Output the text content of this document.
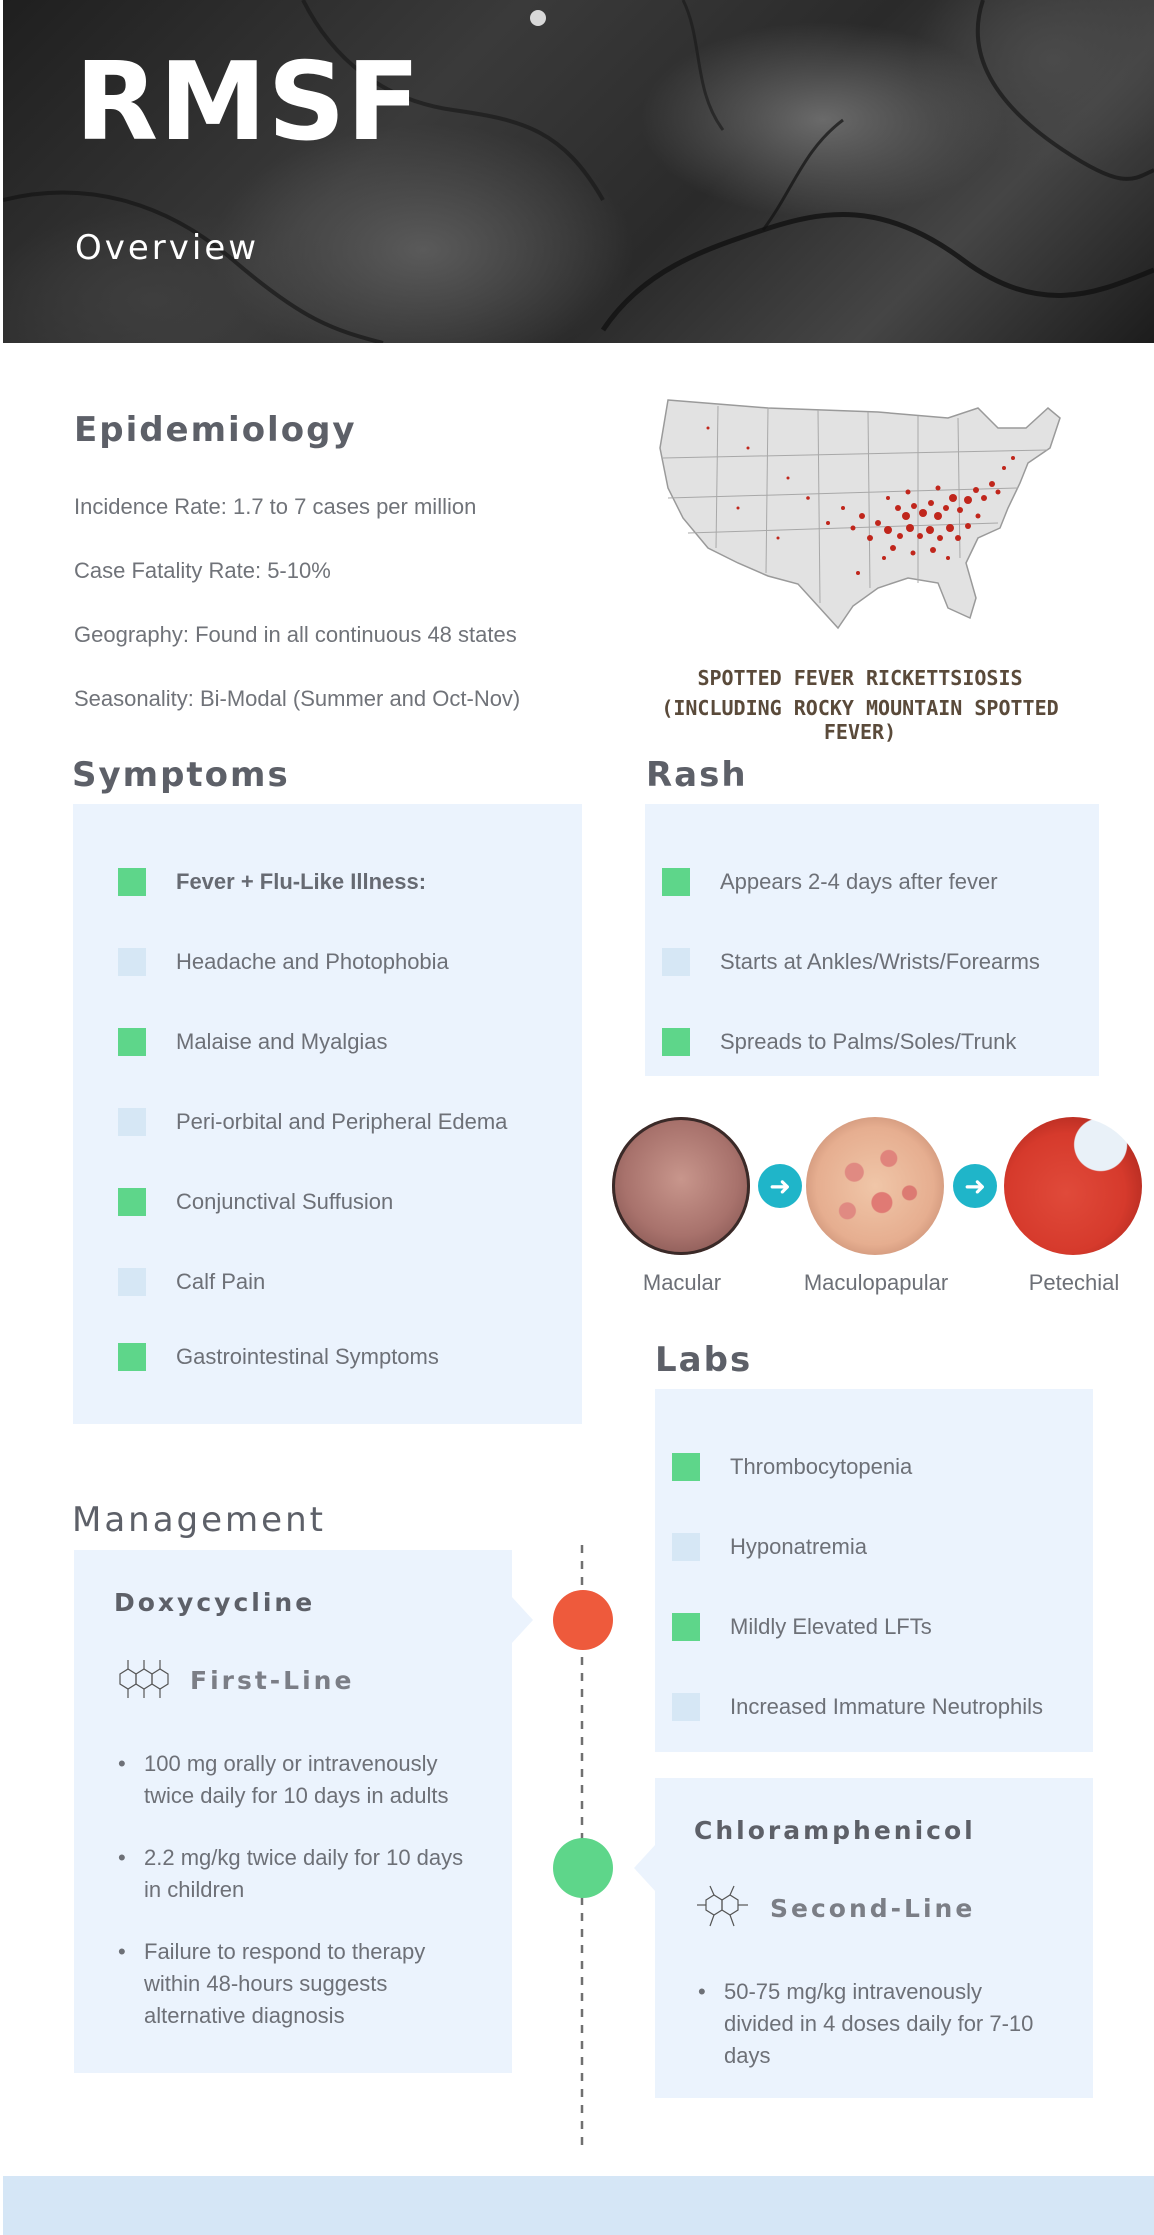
RMSF
Overview
Epidemiology
Incidence Rate: 1.7 to 7 cases per million
Case Fatality Rate: 5-10%
Geography: Found in all continuous 48 states
Seasonality: Bi-Modal (Summer and Oct-Nov)
SPOTTED FEVER RICKETTSIOSIS
(INCLUDING ROCKY MOUNTAIN SPOTTED FEVER)
Symptoms
Fever + Flu-Like Illness:
Headache and Photophobia
Malaise and Myalgias
Peri-orbital and Peripheral Edema
Conjunctival Suffusion
Calf Pain
Gastrointestinal Symptoms
Rash
Appears 2-4 days after fever
Starts at Ankles/Wrists/Forearms
Spreads to Palms/Soles/Trunk
➜	➜
Macular	Maculopapular	Petechial
Labs
Thrombocytopenia
Hyponatremia
Mildly Elevated LFTs
Increased Immature Neutrophils
Management
Doxycycline
First-Line
• 100 mg orally or intravenously twice daily for 10 days in adults
• 2.2 mg/kg twice daily for 10 days in children
• Failure to respond to therapy within 48-hours suggests alternative diagnosis
Chloramphenicol
Second-Line
• 50-75 mg/kg intravenously divided in 4 doses daily for 7-10 days
